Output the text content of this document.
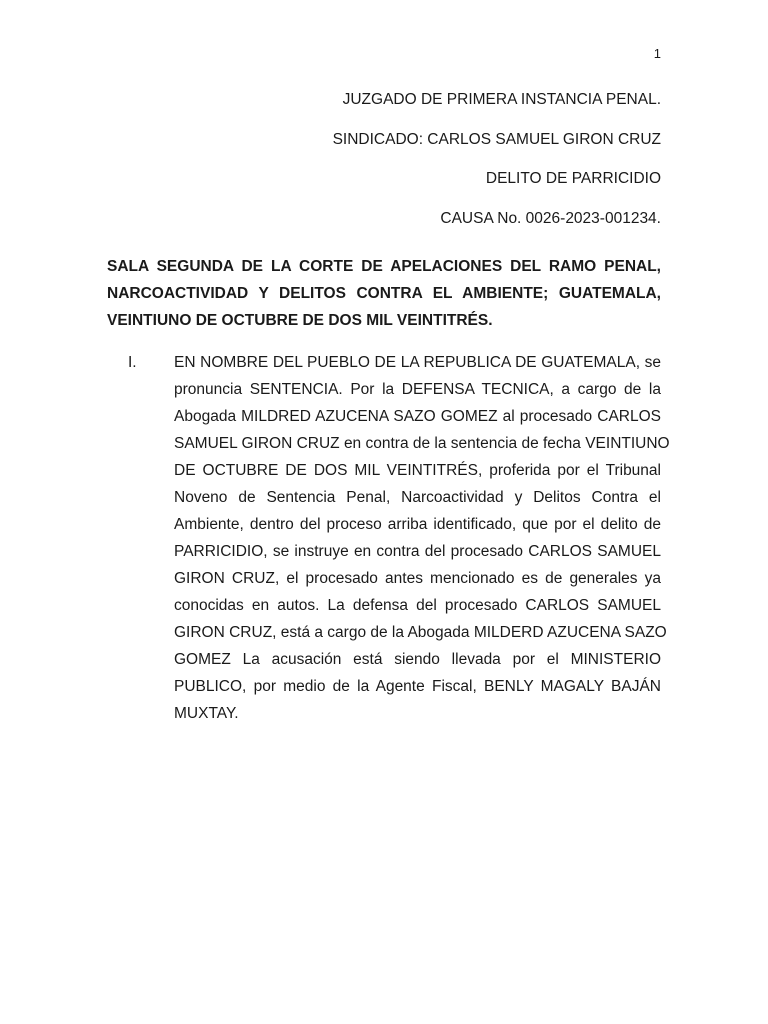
1
JUZGADO DE PRIMERA INSTANCIA PENAL.
SINDICADO: CARLOS SAMUEL GIRON CRUZ
DELITO DE PARRICIDIO
CAUSA No. 0026-2023-001234.
SALA SEGUNDA DE LA CORTE DE APELACIONES DEL RAMO PENAL, NARCOACTIVIDAD Y DELITOS CONTRA EL AMBIENTE; GUATEMALA, VEINTIUNO DE OCTUBRE DE DOS MIL VEINTITRÉS.
I. EN NOMBRE DEL PUEBLO DE LA REPUBLICA DE GUATEMALA, se
pronuncia SENTENCIA. Por la DEFENSA TECNICA, a cargo de la
Abogada MILDRED AZUCENA SAZO GOMEZ al procesado CARLOS
SAMUEL GIRON CRUZ en contra de la sentencia de fecha VEINTIUNO
DE OCTUBRE DE DOS MIL VEINTITRÉS, proferida por el Tribunal
Noveno de Sentencia Penal, Narcoactividad y Delitos Contra el
Ambiente, dentro del proceso arriba identificado, que por el delito de
PARRICIDIO, se instruye en contra del procesado CARLOS SAMUEL
GIRON CRUZ, el procesado antes mencionado es de generales ya
conocidas en autos. La defensa del procesado CARLOS SAMUEL
GIRON CRUZ, está a cargo de la Abogada MILDERD AZUCENA SAZO
GOMEZ La acusación está siendo llevada por el MINISTERIO
PUBLICO, por medio de la Agente Fiscal, BENLY MAGALY BAJÁN
MUXTAY.
